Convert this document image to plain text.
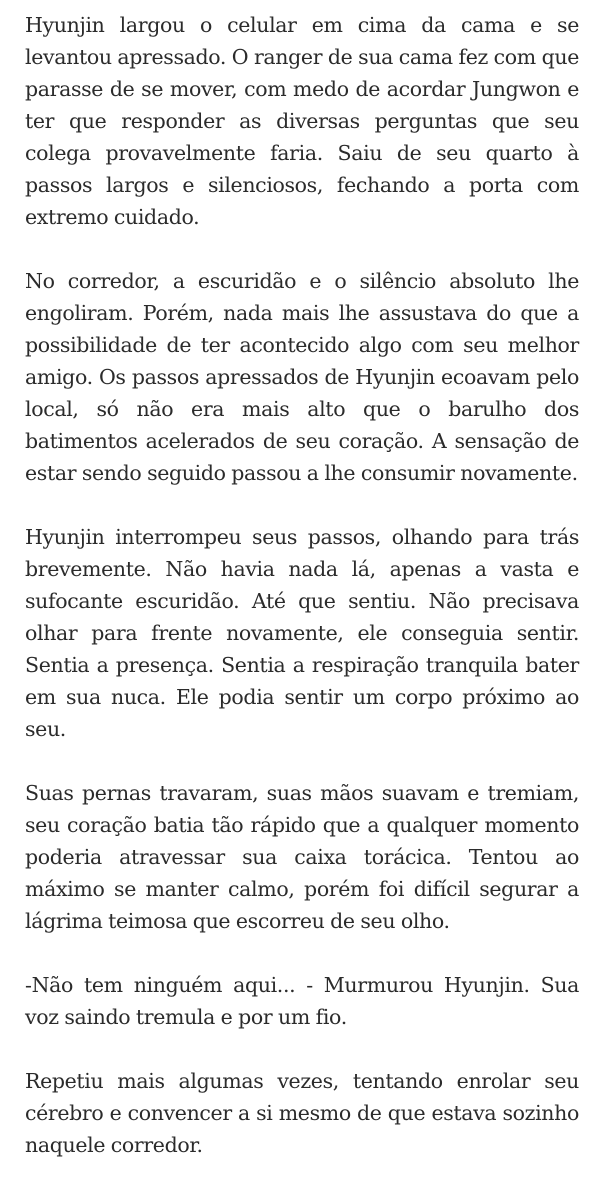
Hyunjin largou o celular em cima da cama e se levantou apressado. O ranger de sua cama fez com que parasse de se mover, com medo de acordar Jungwon e ter que responder as diversas perguntas que seu colega provavelmente faria. Saiu de seu quarto à passos largos e silenciosos, fechando a porta com extremo cuidado.

No corredor, a escuridão e o silêncio absoluto lhe engoliram. Porém, nada mais lhe assustava do que a possibilidade de ter acontecido algo com seu melhor amigo. Os passos apressados de Hyunjin ecoavam pelo local, só não era mais alto que o barulho dos batimentos acelerados de seu coração. A sensação de estar sendo seguido passou a lhe consumir novamente.

Hyunjin interrompeu seus passos, olhando para trás brevemente. Não havia nada lá, apenas a vasta e sufocante escuridão. Até que sentiu. Não precisava olhar para frente novamente, ele conseguia sentir. Sentia a presença. Sentia a respiração tranquila bater em sua nuca. Ele podia sentir um corpo próximo ao seu.

Suas pernas travaram, suas mãos suavam e tremiam, seu coração batia tão rápido que a qualquer momento poderia atravessar sua caixa torácica. Tentou ao máximo se manter calmo, porém foi difícil segurar a lágrima teimosa que escorreu de seu olho.

-Não tem ninguém aqui... - Murmurou Hyunjin. Sua voz saindo tremula e por um fio.

Repetiu mais algumas vezes, tentando enrolar seu cérebro e convencer a si mesmo de que estava sozinho naquele corredor.
